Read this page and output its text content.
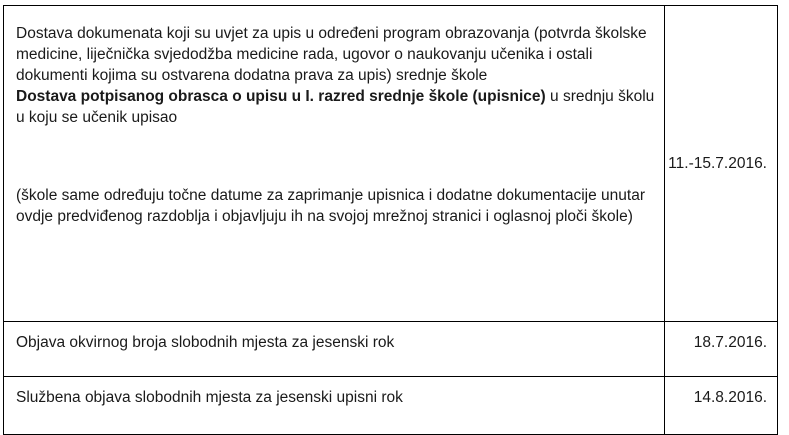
Dostava dokumenata koji su uvjet za upis u određeni program obrazovanja (potvrda školske medicine, liječnička svjedodžba medicine rada, ugovor o naukovanju učenika i ostali dokumenti kojima su ostvarena dodatna prava za upis) srednje škole

Dostava potpisanog obrasca o upisu u I. razred srednje škole (upisnice) u srednju školu u koju se učenik upisao

(škole same određuju točne datume za zaprimanje upisnica i dodatne dokumentacije unutar ovdje predviđenog razdoblja i objavljuju ih na svojoj mrežnoj stranici i oglasnoj ploči škole)	11.-15.7.2016.
Objava okvirnog broja slobodnih mjesta za jesenski rok	18.7.2016.
Službena objava slobodnih mjesta za jesenski upisni rok	14.8.2016.
